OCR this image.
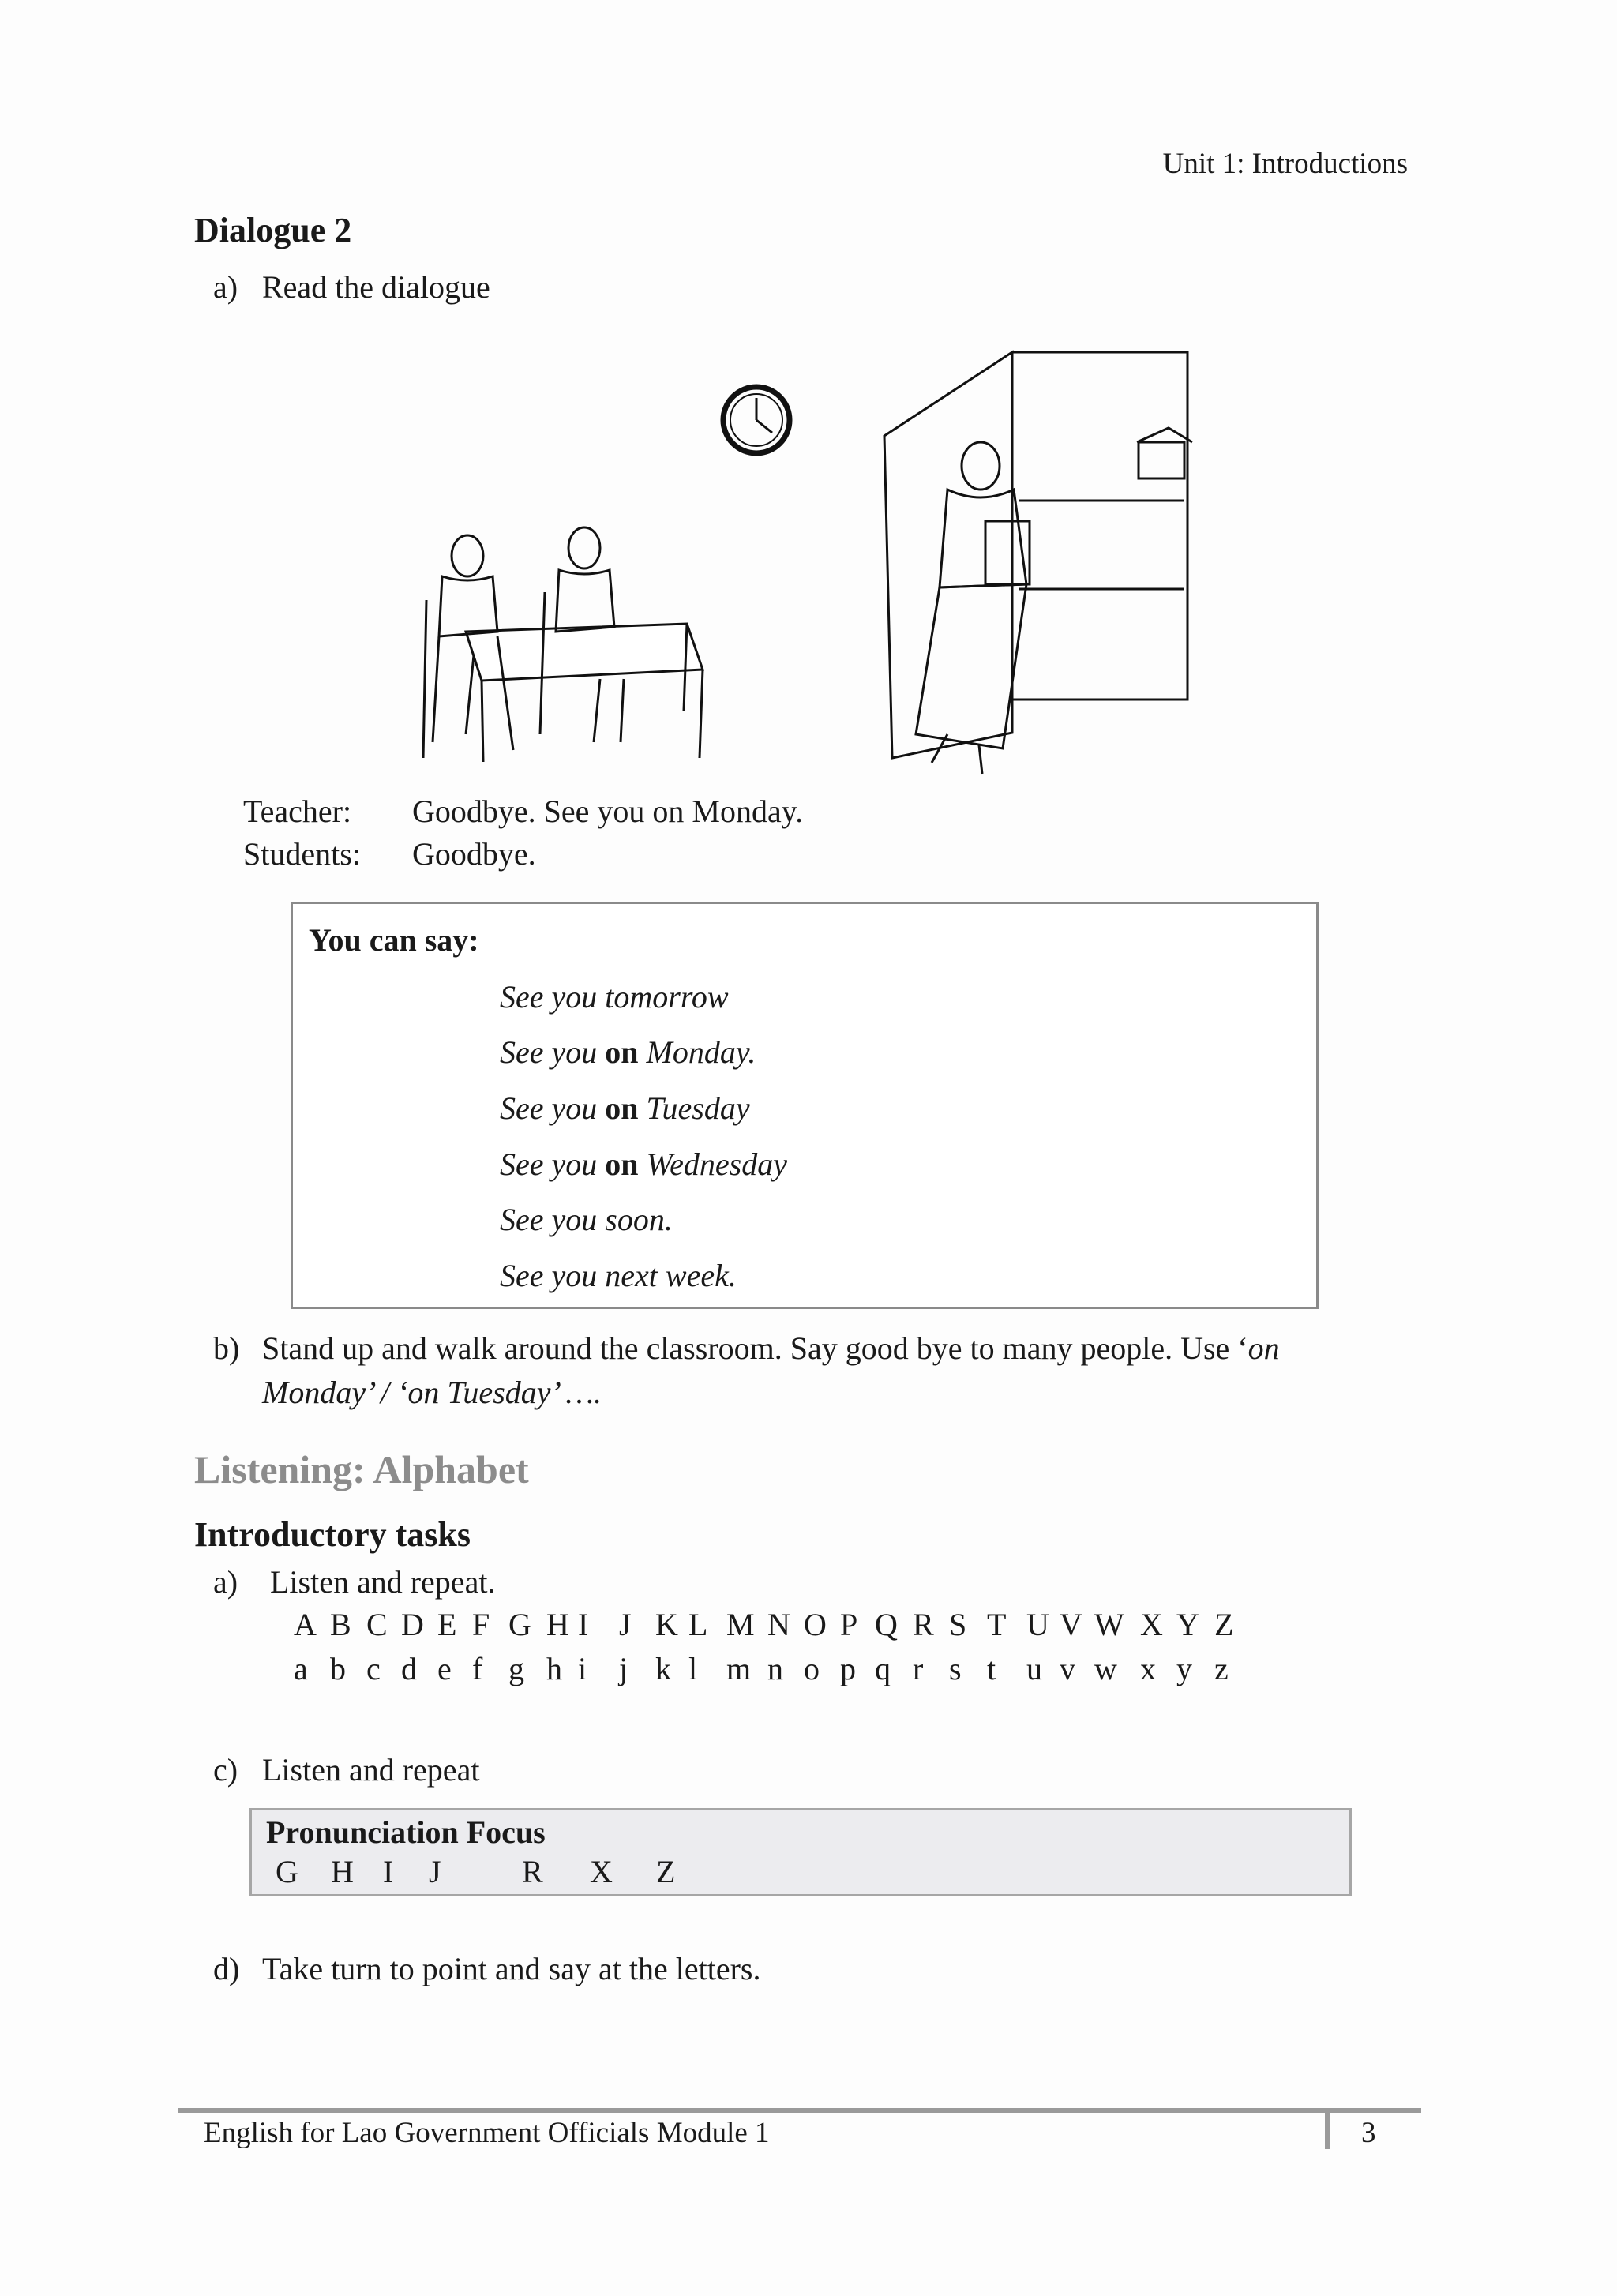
Unit 1: Introductions
Dialogue 2
a) Read the dialogue
Teacher: Goodbye. See you on Monday.
Students: Goodbye.
You can say:
See you tomorrow
See you on Monday.
See you on Tuesday
See you on Wednesday
See you soon.
See you next week.
b) Stand up and walk around the classroom. Say good bye to many people. Use ‘on
Monday’ / ‘on Tuesday’ ….
Listening: Alphabet
Introductory tasks
a) Listen and repeat.
A B C D E F G H I J K L M N O P Q R S T U V W X Y Z
a b c d e f g h i j k l m n o p q r s t u v w x y z
c) Listen and repeat
Pronunciation Focus
G H I J	R X Z
d) Take turn to point and say at the letters.
English for Lao Government Officials Module 1	3
